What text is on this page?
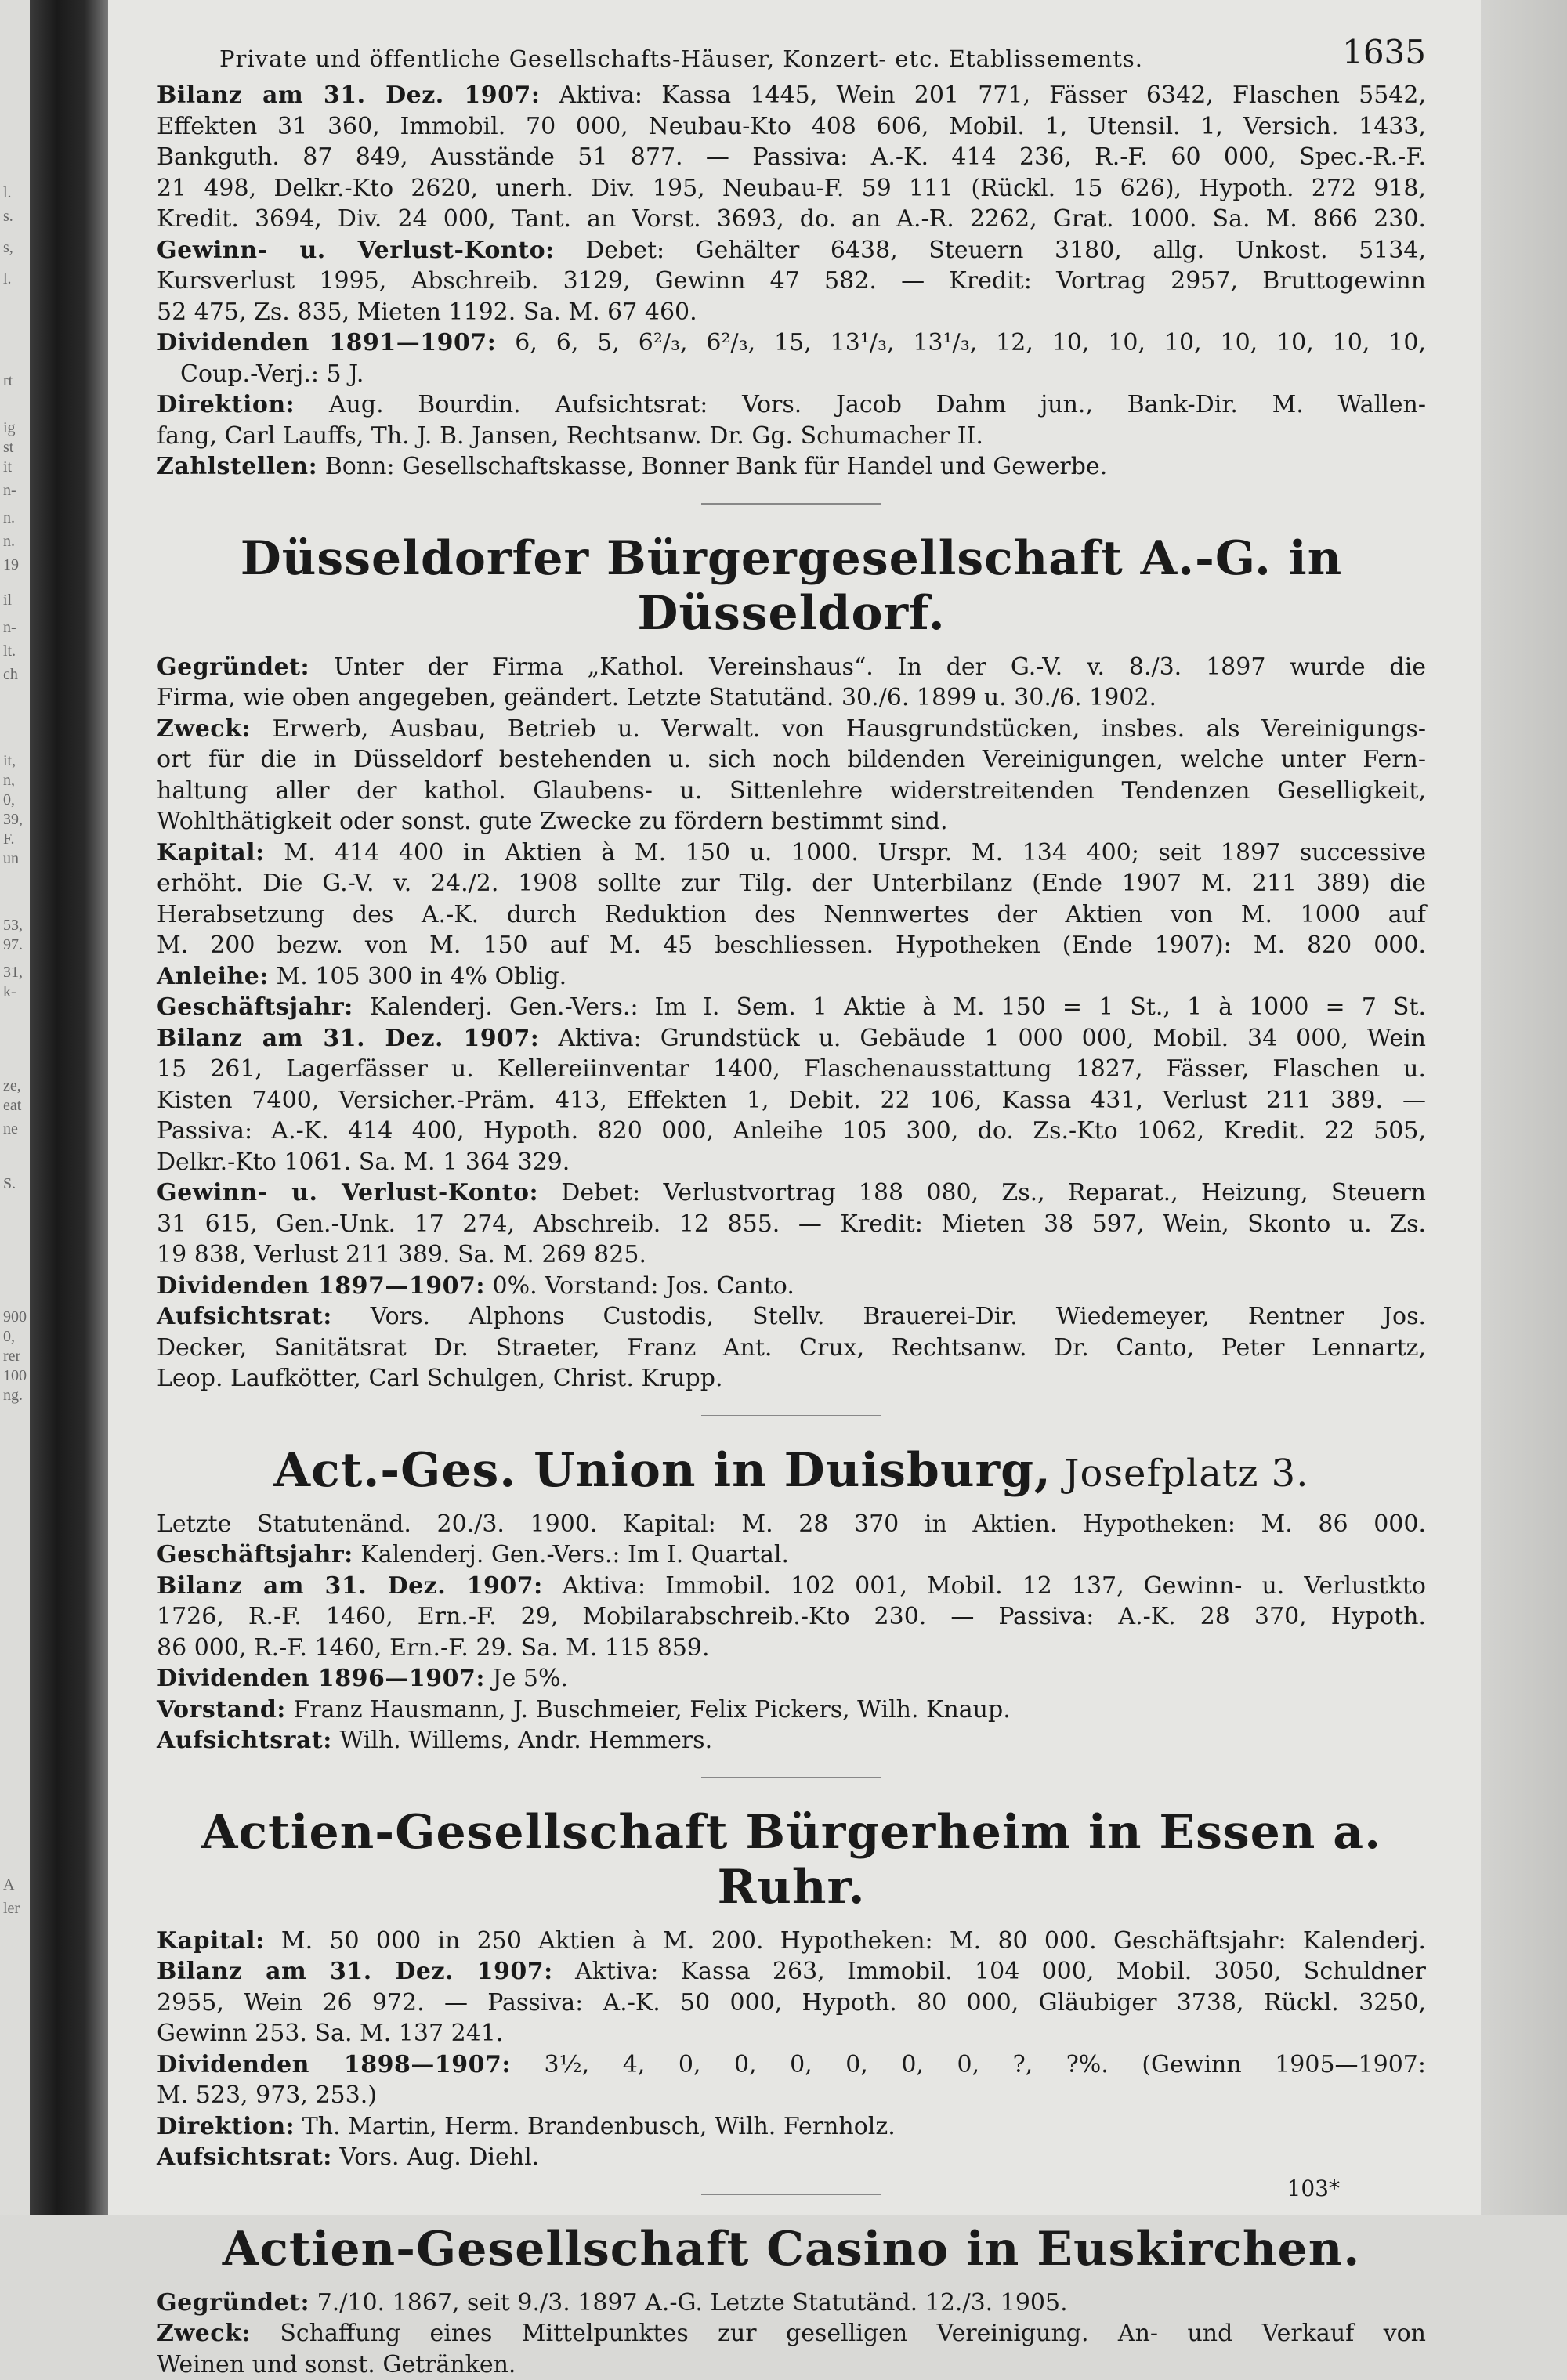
l.
s.
s,
l.
rt
ig
st
it
n-
n.
n.
19
il
n-
lt.
ch
it,
n,
0,
39,
F.
un
53,
97.
31,
k-
ze,
eat
ne
S.
900
0,
rer
100
ng.
A
ler
Private und öffentliche Gesellschafts-Häuser, Konzert- etc. Etablissements.	1635
Bilanz am 31. Dez. 1907: Aktiva: Kassa 1445, Wein 201 771, Fässer 6342, Flaschen 5542,
Effekten 31 360, Immobil. 70 000, Neubau-Kto 408 606, Mobil. 1, Utensil. 1, Versich. 1433,
Bankguth. 87 849, Ausstände 51 877. — Passiva: A.-K. 414 236, R.-F. 60 000, Spec.-R.-F.
21 498, Delkr.-Kto 2620, unerh. Div. 195, Neubau-F. 59 111 (Rückl. 15 626), Hypoth. 272 918,
Kredit. 3694, Div. 24 000, Tant. an Vorst. 3693, do. an A.-R. 2262, Grat. 1000. Sa. M. 866 230.
Gewinn- u. Verlust-Konto: Debet: Gehälter 6438, Steuern 3180, allg. Unkost. 5134,
Kursverlust 1995, Abschreib. 3129, Gewinn 47 582. — Kredit: Vortrag 2957, Bruttogewinn
52 475, Zs. 835, Mieten 1192. Sa. M. 67 460.
Dividenden 1891—1907: 6, 6, 5, 6²/₃, 6²/₃, 15, 13¹/₃, 13¹/₃, 12, 10, 10, 10, 10, 10, 10, 10,
Coup.-Verj.: 5 J.
Direktion: Aug. Bourdin. Aufsichtsrat: Vors. Jacob Dahm jun., Bank-Dir. M. Wallen-
fang, Carl Lauffs, Th. J. B. Jansen, Rechtsanw. Dr. Gg. Schumacher II.
Zahlstellen: Bonn: Gesellschaftskasse, Bonner Bank für Handel und Gewerbe.
Düsseldorfer Bürgergesellschaft A.-G. in Düsseldorf.
Gegründet: Unter der Firma „Kathol. Vereinshaus“. In der G.-V. v. 8./3. 1897 wurde die
Firma, wie oben angegeben, geändert. Letzte Statutänd. 30./6. 1899 u. 30./6. 1902.
Zweck: Erwerb, Ausbau, Betrieb u. Verwalt. von Hausgrundstücken, insbes. als Vereinigungs-
ort für die in Düsseldorf bestehenden u. sich noch bildenden Vereinigungen, welche unter Fern-
haltung aller der kathol. Glaubens- u. Sittenlehre widerstreitenden Tendenzen Geselligkeit,
Wohlthätigkeit oder sonst. gute Zwecke zu fördern bestimmt sind.
Kapital: M. 414 400 in Aktien à M. 150 u. 1000. Urspr. M. 134 400; seit 1897 successive
erhöht. Die G.-V. v. 24./2. 1908 sollte zur Tilg. der Unterbilanz (Ende 1907 M. 211 389) die
Herabsetzung des A.-K. durch Reduktion des Nennwertes der Aktien von M. 1000 auf
M. 200 bezw. von M. 150 auf M. 45 beschliessen. Hypotheken (Ende 1907): M. 820 000.
Anleihe: M. 105 300 in 4% Oblig.
Geschäftsjahr: Kalenderj. Gen.-Vers.: Im I. Sem. 1 Aktie à M. 150 = 1 St., 1 à 1000 = 7 St.
Bilanz am 31. Dez. 1907: Aktiva: Grundstück u. Gebäude 1 000 000, Mobil. 34 000, Wein
15 261, Lagerfässer u. Kellereiinventar 1400, Flaschenausstattung 1827, Fässer, Flaschen u.
Kisten 7400, Versicher.-Präm. 413, Effekten 1, Debit. 22 106, Kassa 431, Verlust 211 389. —
Passiva: A.-K. 414 400, Hypoth. 820 000, Anleihe 105 300, do. Zs.-Kto 1062, Kredit. 22 505,
Delkr.-Kto 1061. Sa. M. 1 364 329.
Gewinn- u. Verlust-Konto: Debet: Verlustvortrag 188 080, Zs., Reparat., Heizung, Steuern
31 615, Gen.-Unk. 17 274, Abschreib. 12 855. — Kredit: Mieten 38 597, Wein, Skonto u. Zs.
19 838, Verlust 211 389. Sa. M. 269 825.
Dividenden 1897—1907: 0%. Vorstand: Jos. Canto.
Aufsichtsrat: Vors. Alphons Custodis, Stellv. Brauerei-Dir. Wiedemeyer, Rentner Jos.
Decker, Sanitätsrat Dr. Straeter, Franz Ant. Crux, Rechtsanw. Dr. Canto, Peter Lennartz,
Leop. Laufkötter, Carl Schulgen, Christ. Krupp.
Act.-Ges. Union in Duisburg, Josefplatz 3.
Letzte Statutenänd. 20./3. 1900. Kapital: M. 28 370 in Aktien. Hypotheken: M. 86 000.
Geschäftsjahr: Kalenderj. Gen.-Vers.: Im I. Quartal.
Bilanz am 31. Dez. 1907: Aktiva: Immobil. 102 001, Mobil. 12 137, Gewinn- u. Verlustkto
1726, R.-F. 1460, Ern.-F. 29, Mobilarabschreib.-Kto 230. — Passiva: A.-K. 28 370, Hypoth.
86 000, R.-F. 1460, Ern.-F. 29. Sa. M. 115 859.
Dividenden 1896—1907: Je 5%.
Vorstand: Franz Hausmann, J. Buschmeier, Felix Pickers, Wilh. Knaup.
Aufsichtsrat: Wilh. Willems, Andr. Hemmers.
Actien-Gesellschaft Bürgerheim in Essen a. Ruhr.
Kapital: M. 50 000 in 250 Aktien à M. 200. Hypotheken: M. 80 000. Geschäftsjahr: Kalenderj.
Bilanz am 31. Dez. 1907: Aktiva: Kassa 263, Immobil. 104 000, Mobil. 3050, Schuldner
2955, Wein 26 972. — Passiva: A.-K. 50 000, Hypoth. 80 000, Gläubiger 3738, Rückl. 3250,
Gewinn 253. Sa. M. 137 241.
Dividenden 1898—1907: 3½, 4, 0, 0, 0, 0, 0, 0, ?, ?%. (Gewinn 1905—1907:
M. 523, 973, 253.)
Direktion: Th. Martin, Herm. Brandenbusch, Wilh. Fernholz.
Aufsichtsrat: Vors. Aug. Diehl.
Actien-Gesellschaft Casino in Euskirchen.
Gegründet: 7./10. 1867, seit 9./3. 1897 A.-G. Letzte Statutänd. 12./3. 1905.
Zweck: Schaffung eines Mittelpunktes zur geselligen Vereinigung. An- und Verkauf von
Weinen und sonst. Getränken.
103*
